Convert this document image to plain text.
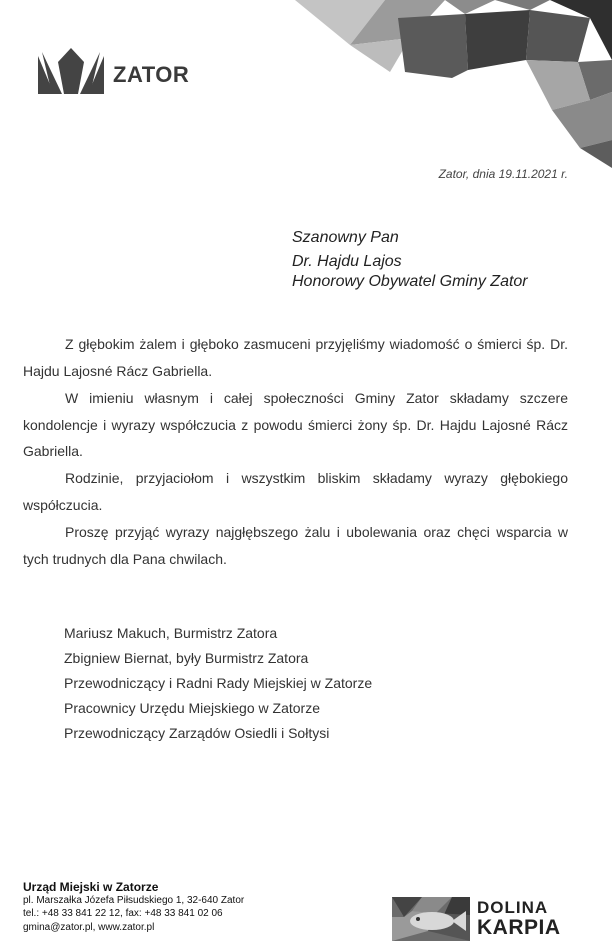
ZATOR
Zator, dnia 19.11.2021 r.
Szanowny Pan
Dr. Hajdu Lajos
Honorowy Obywatel Gminy Zator
Z głębokim żalem i głęboko zasmuceni przyjęliśmy wiadomość o śmierci śp. Dr. Hajdu Lajosné Rácz Gabriella.
W imieniu własnym i całej społeczności Gminy Zator składamy szczere kondolencje i wyrazy współczucia z powodu śmierci żony śp. Dr. Hajdu Lajosné Rácz Gabriella.
Rodzinie, przyjaciołom i wszystkim bliskim składamy wyrazy głębokiego współczucia.
Proszę przyjąć wyrazy najgłębszego żalu i ubolewania oraz chęci wsparcia w tych trudnych dla Pana chwilach.
Mariusz Makuch, Burmistrz Zatora
Zbigniew Biernat, były Burmistrz Zatora
Przewodniczący i Radni Rady Miejskiej w Zatorze
Pracownicy Urzędu Miejskiego w Zatorze
Przewodniczący Zarządów Osiedli i Sołtysi
Urząd Miejski w Zatorze
pl. Marszałka Józefa Piłsudskiego 1, 32-640 Zator
tel.: +48 33 841 22 12, fax: +48 33 841 02 06
gmina@zator.pl, www.zator.pl
DOLINA
KARPIA
